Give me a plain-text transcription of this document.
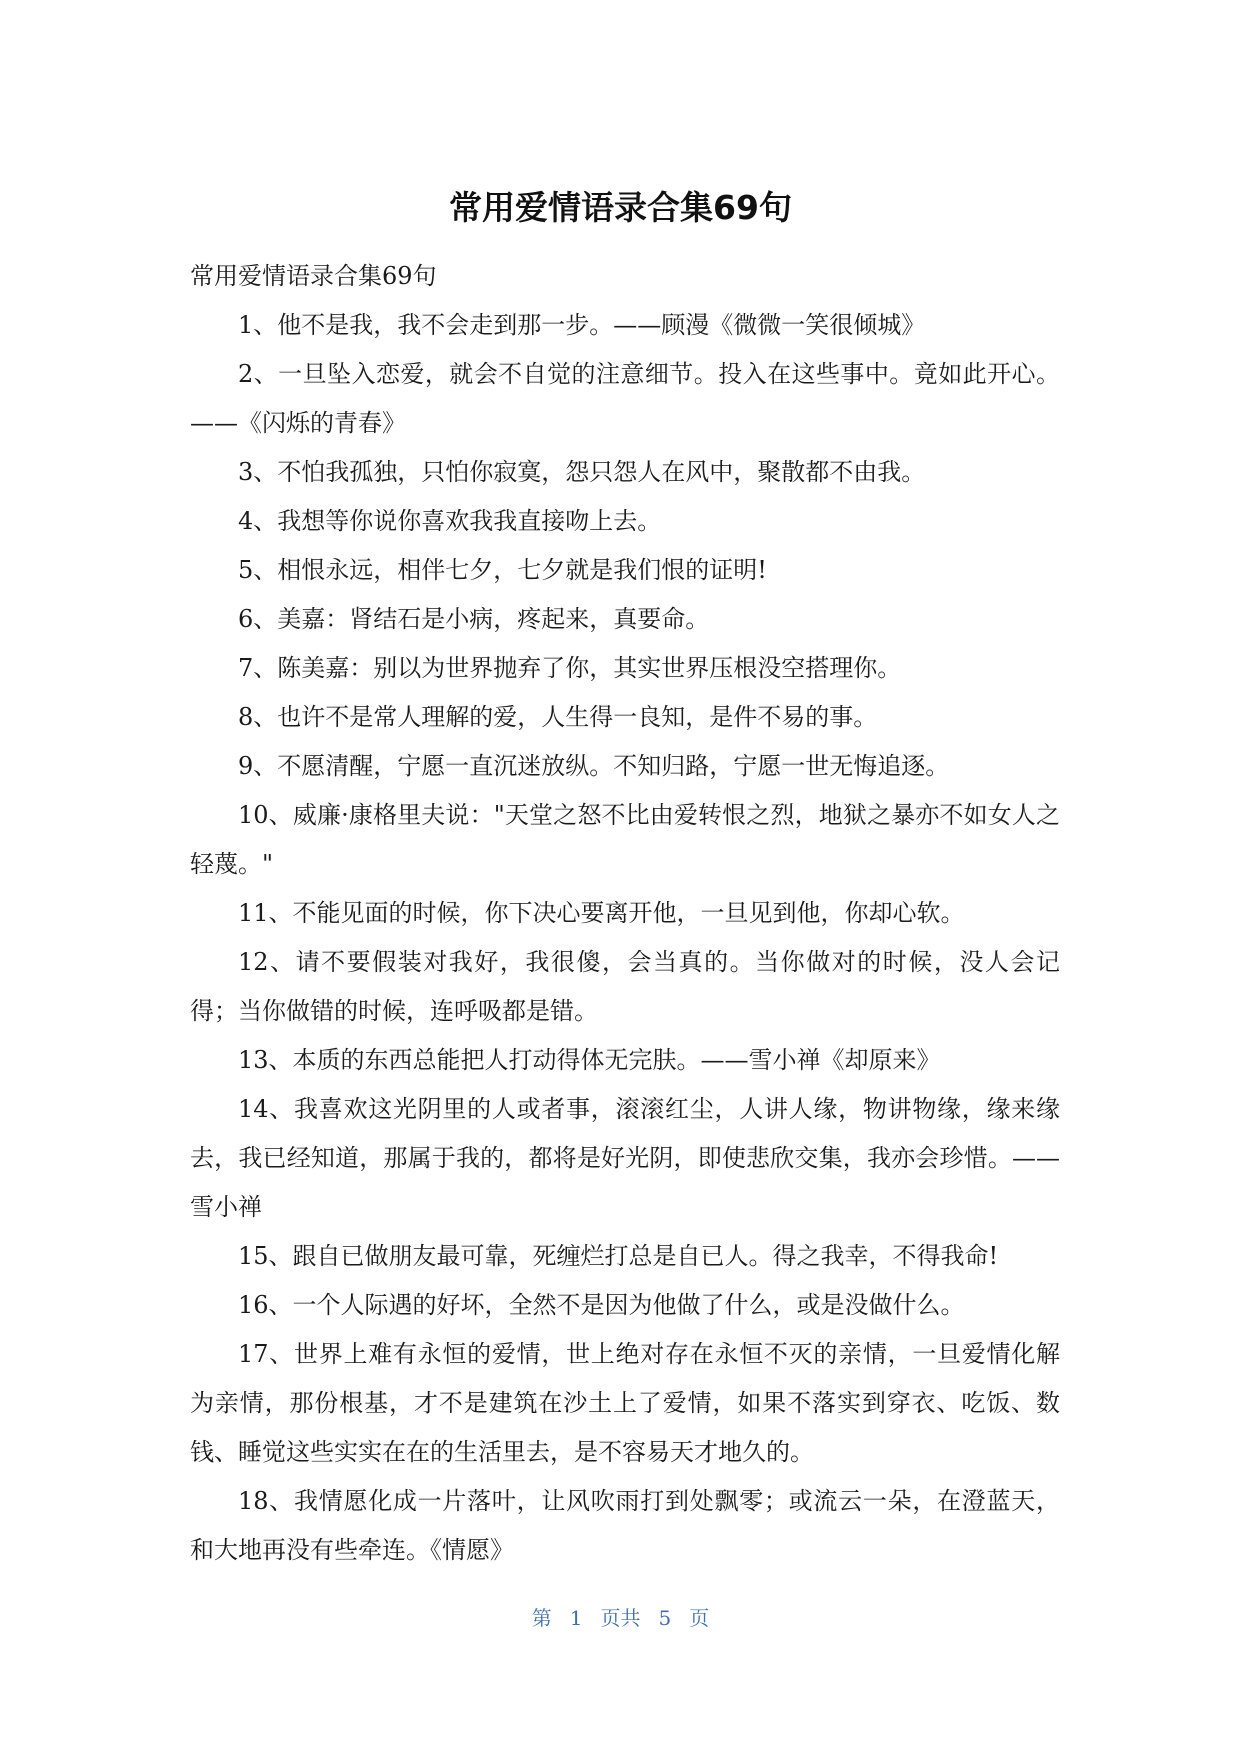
常用爱情语录合集69句

常用爱情语录合集69句

1、他不是我，我不会走到那一步。——顾漫《微微一笑很倾城》

2、一旦坠入恋爱，就会不自觉的注意细节。投入在这些事中。竟如此开心。——《闪烁的青春》

3、不怕我孤独，只怕你寂寞，怨只怨人在风中，聚散都不由我。

4、我想等你说你喜欢我我直接吻上去。

5、相恨永远，相伴七夕，七夕就是我们恨的证明!

6、美嘉：肾结石是小病，疼起来，真要命。

7、陈美嘉：别以为世界抛弃了你，其实世界压根没空搭理你。

8、也许不是常人理解的爱，人生得一良知，是件不易的事。

9、不愿清醒，宁愿一直沉迷放纵。不知归路，宁愿一世无悔追逐。

10、威廉·康格里夫说："天堂之怒不比由爱转恨之烈，地狱之暴亦不如女人之轻蔑。"

11、不能见面的时候，你下决心要离开他，一旦见到他，你却心软。

12、请不要假装对我好，我很傻，会当真的。当你做对的时候，没人会记得；当你做错的时候，连呼吸都是错。

13、本质的东西总能把人打动得体无完肤。——雪小禅《却原来》

14、我喜欢这光阴里的人或者事，滚滚红尘，人讲人缘，物讲物缘，缘来缘去，我已经知道，那属于我的，都将是好光阴，即使悲欣交集，我亦会珍惜。——雪小禅

15、跟自已做朋友最可靠，死缠烂打总是自已人。得之我幸，不得我命!

16、一个人际遇的好坏，全然不是因为他做了什么，或是没做什么。

17、世界上难有永恒的爱情，世上绝对存在永恒不灭的亲情，一旦爱情化解为亲情，那份根基，才不是建筑在沙土上了爱情，如果不落实到穿衣、吃饭、数钱、睡觉这些实实在在的生活里去，是不容易天才地久的。

18、我情愿化成一片落叶，让风吹雨打到处飘零；或流云一朵，在澄蓝天，和大地再没有些牵连。《情愿》

第 1 页共 5 页
